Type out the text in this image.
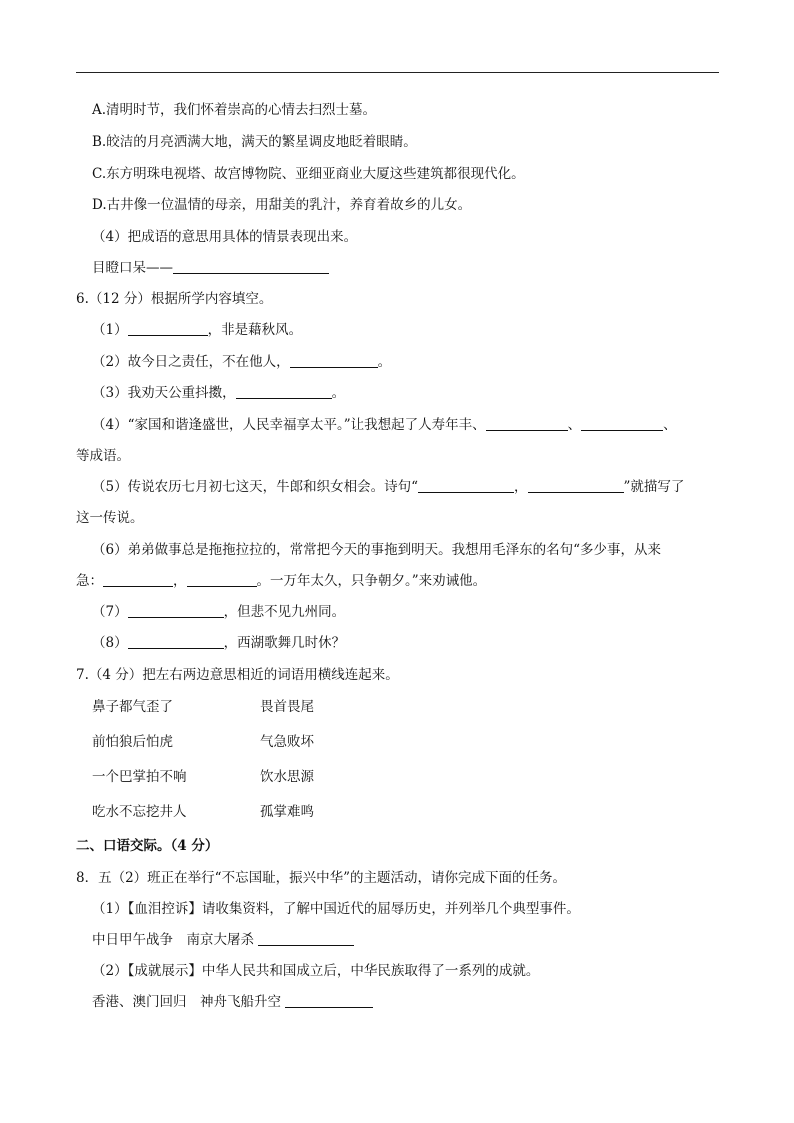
A.清明时节，我们怀着崇高的心情去扫烈士墓。
B.皎洁的月亮洒满大地，满天的繁星调皮地眨着眼睛。
C.东方明珠电视塔、故宫博物院、亚细亚商业大厦这些建筑都很现代化。
D.古井像一位温情的母亲，用甜美的乳汁，养育着故乡的儿女。
（4）把成语的意思用具体的情景表现出来。
目瞪口呆——
6.（12 分）根据所学内容填空。
（1）	，非是藉秋风。
（2）故今日之责任，不在他人，	。
（3）我劝天公重抖擞，	。
（4）“家国和谐逢盛世，人民幸福享太平。”让我想起了人寿年丰、	、	、
等成语。
（5）传说农历七月初七这天，牛郎和织女相会。诗句“	，	”就描写了
这一传说。
（6）弟弟做事总是拖拖拉拉的，常常把今天的事拖到明天。我想用毛泽东的名句“多少事，从来
急：	，	。一万年太久，只争朝夕。”来劝诫他。
（7）	，但悲不见九州同。
（8）	，西湖歌舞几时休？
7.（4 分）把左右两边意思相近的词语用横线连起来。
鼻子都气歪了	畏首畏尾
前怕狼后怕虎	气急败坏
一个巴掌拍不响	饮水思源
吃水不忘挖井人	孤掌难鸣
二、口语交际。（4 分）
8．五（2）班正在举行“不忘国耻，振兴中华”的主题活动，请你完成下面的任务。
（1）【血泪控诉】请收集资料，了解中国近代的屈辱历史，并列举几个典型事件。
中日甲午战争　南京大屠杀
（2）【成就展示】中华人民共和国成立后，中华民族取得了一系列的成就。
香港、澳门回归　神舟飞船升空
